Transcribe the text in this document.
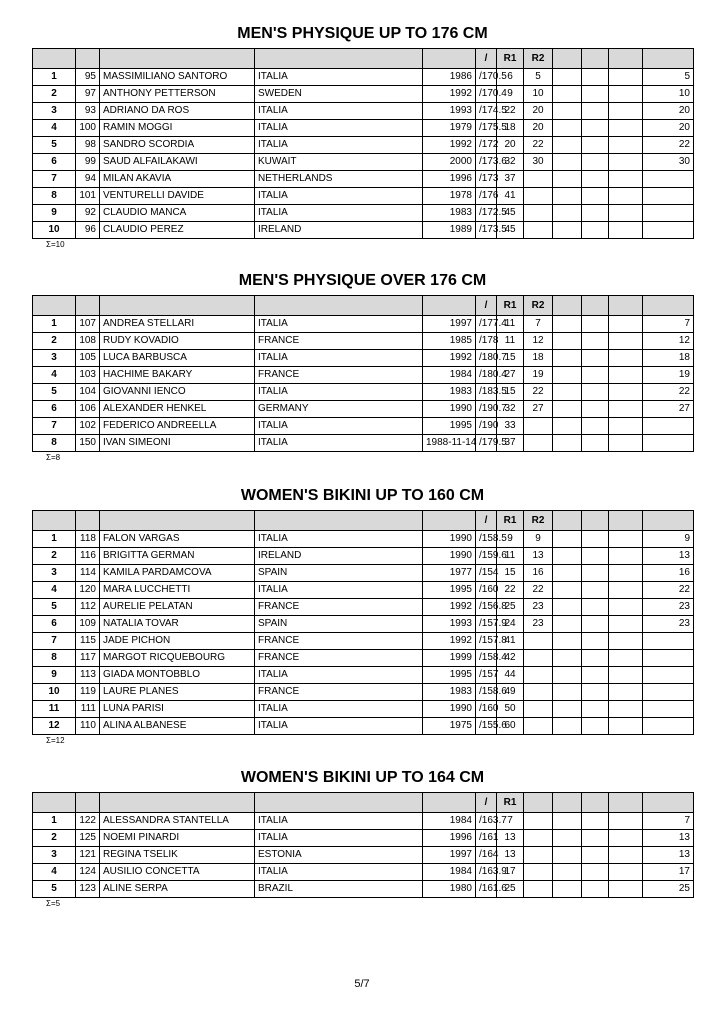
MEN'S PHYSIQUE UP TO 176 CM
					/	R1	R2				
1	95	MASSIMILIANO SANTORO	ITALIA	1986	/170.5	6	5				5
2	97	ANTHONY PETTERSON	SWEDEN	1992	/170.4	9	10				10
3	93	ADRIANO DA ROS	ITALIA	1993	/174.5	22	20				20
4	100	RAMIN MOGGI	ITALIA	1979	/175.5	18	20				20
5	98	SANDRO SCORDIA	ITALIA	1992	/172	20	22				22
6	99	SAUD ALFAILAKAWI	KUWAIT	2000	/173.6	32	30				30
7	94	MILAN AKAVIA	NETHERLANDS	1996	/173	37					
8	101	VENTURELLI DAVIDE	ITALIA	1978	/176	41					
9	92	CLAUDIO MANCA	ITALIA	1983	/172.5	45					
10	96	CLAUDIO PEREZ	IRELAND	1989	/173.5	45					
Σ=10
MEN'S PHYSIQUE OVER 176 CM
					/	R1	R2				
1	107	ANDREA STELLARI	ITALIA	1997	/177.4	11	7				7
2	108	RUDY KOVADIO	FRANCE	1985	/178	11	12				12
3	105	LUCA BARBUSCA	ITALIA	1992	/180.7	15	18				18
4	103	HACHIME BAKARY	FRANCE	1984	/180.4	27	19				19
5	104	GIOVANNI IENCO	ITALIA	1983	/183.5	15	22				22
6	106	ALEXANDER HENKEL	GERMANY	1990	/190.7	32	27				27
7	102	FEDERICO ANDREELLA	ITALIA	1995	/190	33					
8	150	IVAN SIMEONI	ITALIA	1988-11-14	/179.5	37					
Σ=8
WOMEN'S BIKINI UP TO 160 CM
					/	R1	R2				
1	118	FALON VARGAS	ITALIA	1990	/158.5	9	9				9
2	116	BRIGITTA GERMAN	IRELAND	1990	/159.6	11	13				13
3	114	KAMILA PARDAMCOVA	SPAIN	1977	/154	15	16				16
4	120	MARA LUCCHETTI	ITALIA	1995	/160	22	22				22
5	112	AURELIE PELATAN	FRANCE	1992	/156.8	25	23				23
6	109	NATALIA TOVAR	SPAIN	1993	/157.9	24	23				23
7	115	JADE PICHON	FRANCE	1992	/157.8	41					
8	117	MARGOT RICQUEBOURG	FRANCE	1999	/158.4	42					
9	113	GIADA MONTOBBLO	ITALIA	1995	/157	44					
10	119	LAURE PLANES	FRANCE	1983	/158.6	49					
11	111	LUNA PARISI	ITALIA	1990	/160	50					
12	110	ALINA ALBANESE	ITALIA	1975	/155.6	60					
Σ=12
WOMEN'S BIKINI UP TO 164 CM
					/	R1					
1	122	ALESSANDRA STANTELLA	ITALIA	1984	/163.7	7					7
2	125	NOEMI PINARDI	ITALIA	1996	/161	13					13
3	121	REGINA TSELIK	ESTONIA	1997	/164	13					13
4	124	AUSILIO CONCETTA	ITALIA	1984	/163.9	17					17
5	123	ALINE SERPA	BRAZIL	1980	/161.6	25					25
Σ=5
5/7
